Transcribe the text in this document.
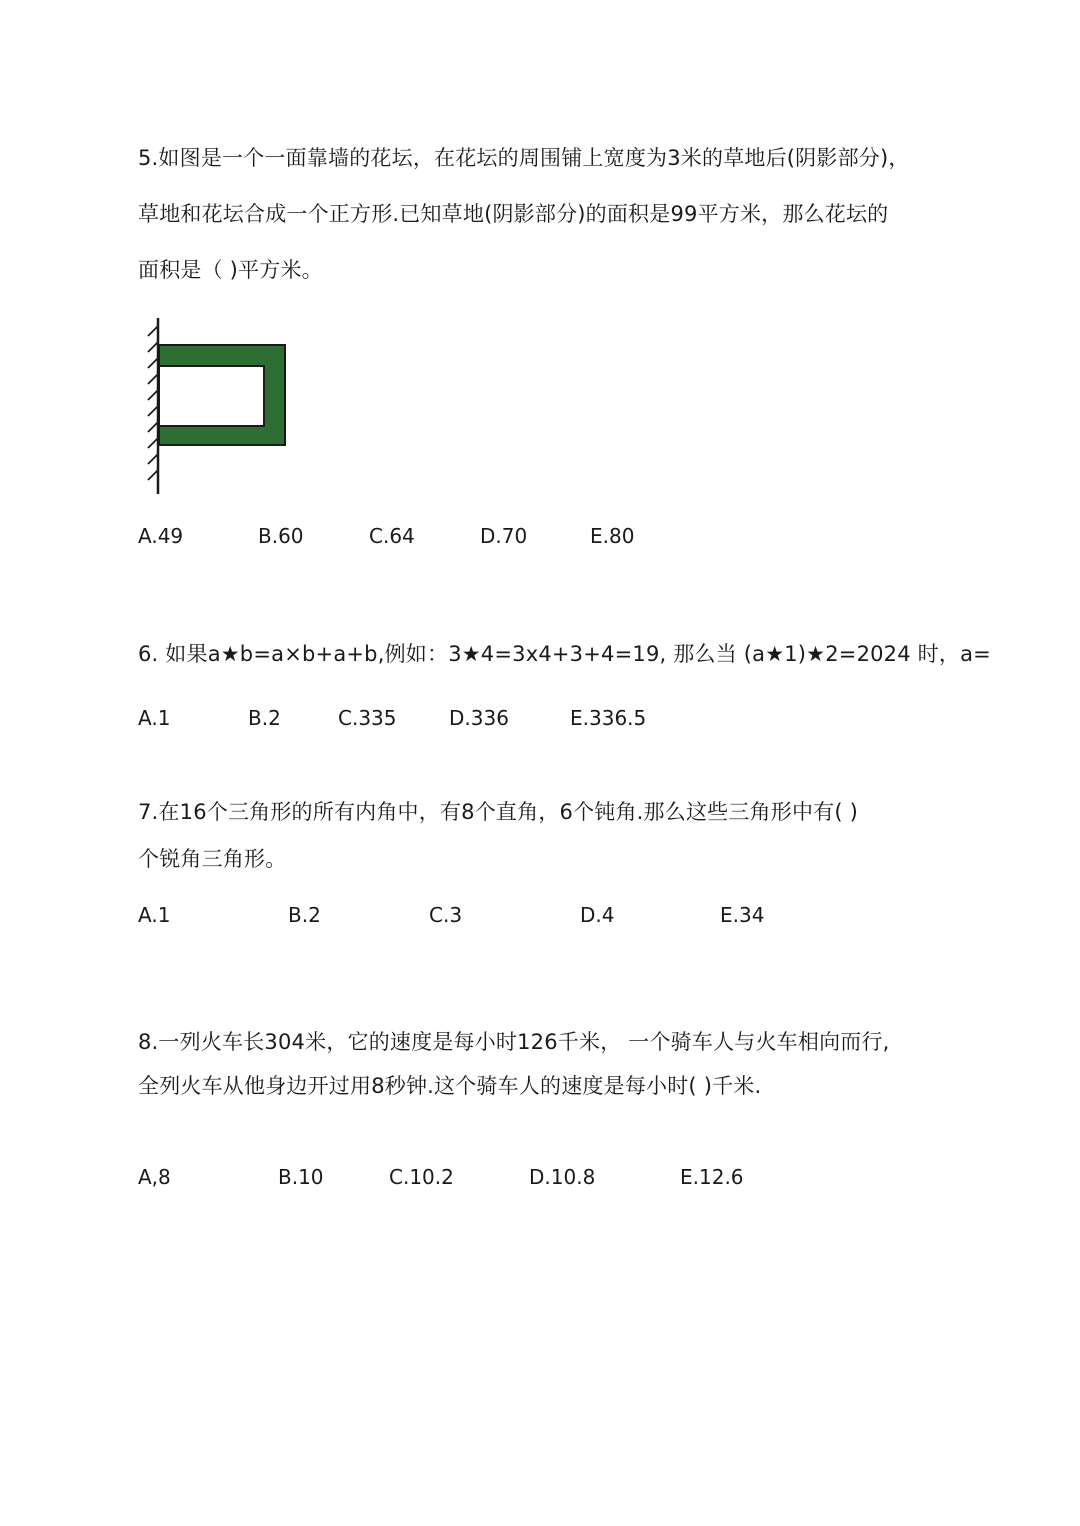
5.如图是一个一面靠墙的花坛，在花坛的周围铺上宽度为3米的草地后(阴影部分)，
草地和花坛合成一个正方形.已知草地(阴影部分)的面积是99平方米，那么花坛的
面积是（ )平方米。
A.49	B.60	C.64	D.70	E.80
6. 如果a★b=a×b+a+b,例如：3★4=3x4+3+4=19, 那么当 (a★1)★2=2024 时，a=
A.1	B.2	C.335	D.336	E.336.5
7.在16个三角形的所有内角中，有8个直角，6个钝角.那么这些三角形中有( )
个锐角三角形。
A.1	B.2	C.3	D.4	E.34
8.一列火车长304米，它的速度是每小时126千米， 一个骑车人与火车相向而行,
全列火车从他身边开过用8秒钟.这个骑车人的速度是每小时( )千米.
A,8	B.10	C.10.2	D.10.8	E.12.6
